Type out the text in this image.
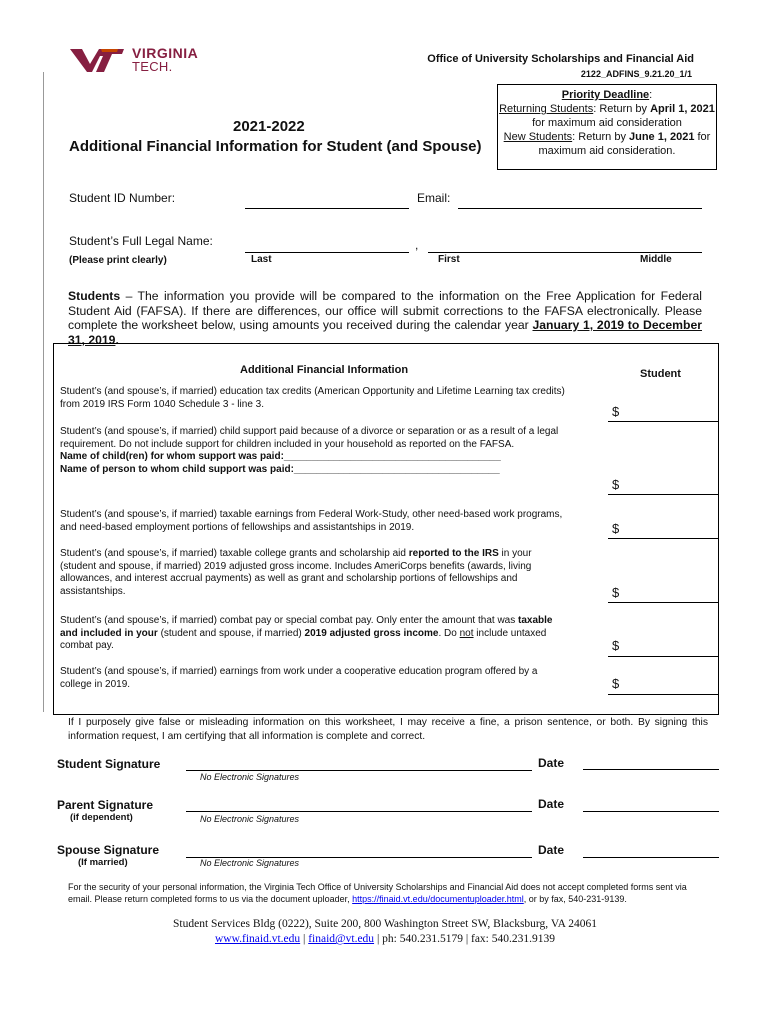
VIRGINIA
TECH.	Office of University Scholarships and Financial Aid
2122_ADFINS_9.21.20_1/1
Priority Deadline:
Returning Students: Return by April 1, 2021 for maximum aid consideration
New Students: Return by June 1, 2021 for maximum aid consideration.
2021-2022
Additional Financial Information for Student (and Spouse)
Student ID Number:	Email:
Student’s Full Legal Name:
(Please print clearly)
,
Last	First	Middle
Students – The information you provide will be compared to the information on the Free Application for Federal Student Aid (FAFSA). If there are differences, our office will submit corrections to the FAFSA electronically. Please complete the worksheet below, using amounts you received during the calendar year January 1, 2019 to December 31, 2019.
Additional Financial Information	Student
Student’s (and spouse’s, if married) education tax credits (American Opportunity and Lifetime Learning tax credits) from 2019 IRS Form 1040 Schedule 3 - line 3.	$
Student’s (and spouse’s, if married) child support paid because of a divorce or separation or as a result of a legal requirement. Do not include support for children included in your household as reported on the FAFSA.
Name of child(ren) for whom support was paid:_______________________________________
Name of person to whom child support was paid:_____________________________________
$
Student’s (and spouse’s, if married) taxable earnings from Federal Work-Study, other need-based work programs, and need-based employment portions of fellowships and assistantships in 2019.	$
Student’s (and spouse’s, if married) taxable college grants and scholarship aid reported to the IRS in your (student and spouse, if married) 2019 adjusted gross income. Includes AmeriCorps benefits (awards, living allowances, and interest accrual payments) as well as grant and scholarship portions of fellowships and assistantships.	$
Student’s (and spouse’s, if married) combat pay or special combat pay. Only enter the amount that was taxable and included in your (student and spouse, if married) 2019 adjusted gross income. Do not include untaxed combat pay.	$
Student’s (and spouse’s, if married) earnings from work under a cooperative education program offered by a college in 2019.	$
If I purposely give false or misleading information on this worksheet, I may receive a fine, a prison sentence, or both. By signing this information request, I am certifying that all information is complete and correct.
Student Signature
No Electronic Signatures
Date
Parent Signature
(if dependent)	No Electronic Signatures
Date
Spouse Signature
(If married)	No Electronic Signatures
Date
For the security of your personal information, the Virginia Tech Office of University Scholarships and Financial Aid does not accept completed forms sent via email. Please return completed forms to us via the document uploader, https://finaid.vt.edu/documentuploader.html, or by fax, 540-231-9139.
Student Services Bldg (0222), Suite 200, 800 Washington Street SW, Blacksburg, VA 24061
www.finaid.vt.edu | finaid@vt.edu | ph: 540.231.5179 | fax: 540.231.9139
